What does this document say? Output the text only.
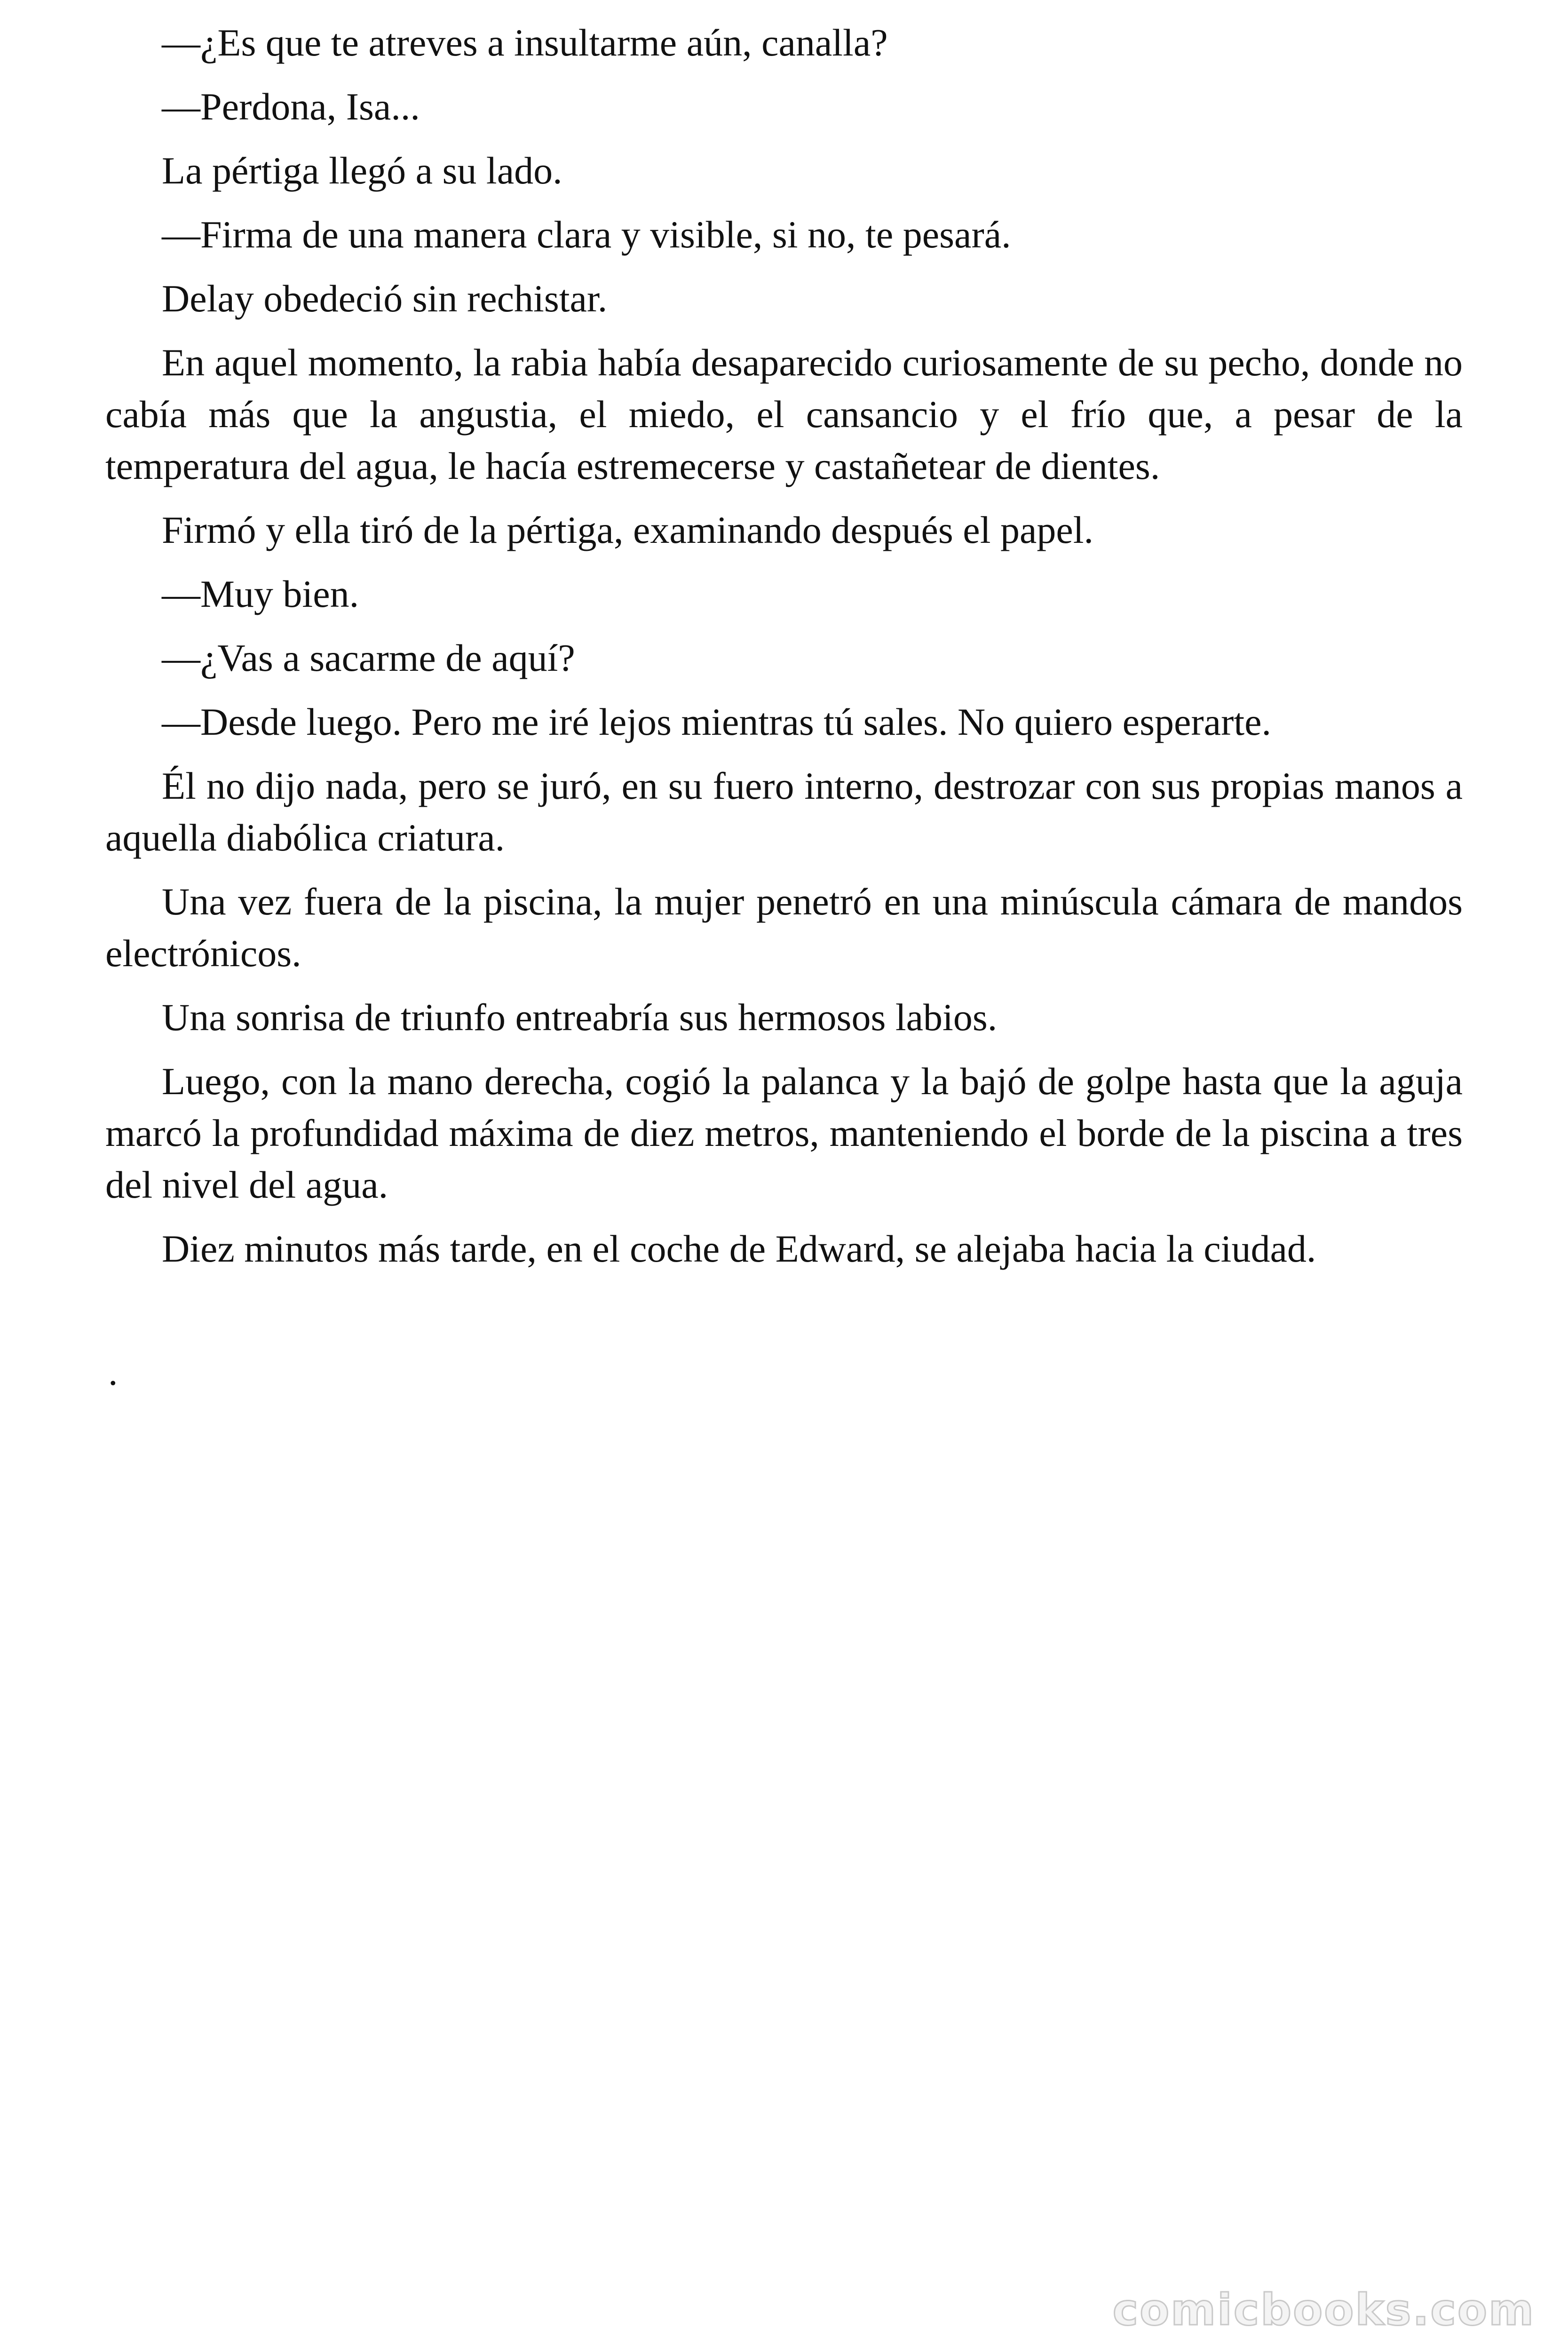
—¿Es que te atreves a insultarme aún, canalla?

—Perdona, Isa...

La pértiga llegó a su lado.

—Firma de una manera clara y visible, si no, te pesará.

Delay obedeció sin rechistar.

En aquel momento, la rabia había desaparecido curiosamente de su pecho, donde no cabía más que la angustia, el miedo, el cansancio y el frío que, a pesar de la temperatura del agua, le hacía estremecerse y castañetear de dientes.

Firmó y ella tiró de la pértiga, examinando después el papel.

—Muy bien.

—¿Vas a sacarme de aquí?

—Desde luego. Pero me iré lejos mientras tú sales. No quiero esperarte.

Él no dijo nada, pero se juró, en su fuero interno, destrozar con sus propias manos a aquella diabólica criatura.

Una vez fuera de la piscina, la mujer penetró en una minúscula cámara de mandos electrónicos.

Una sonrisa de triunfo entreabría sus hermosos labios.

Luego, con la mano derecha, cogió la palanca y la bajó de golpe hasta que la aguja marcó la profundidad máxima de diez metros, manteniendo el borde de la piscina a tres del nivel del agua.

Diez minutos más tarde, en el coche de Edward, se alejaba hacia la ciudad.

.
comicbooks.com
